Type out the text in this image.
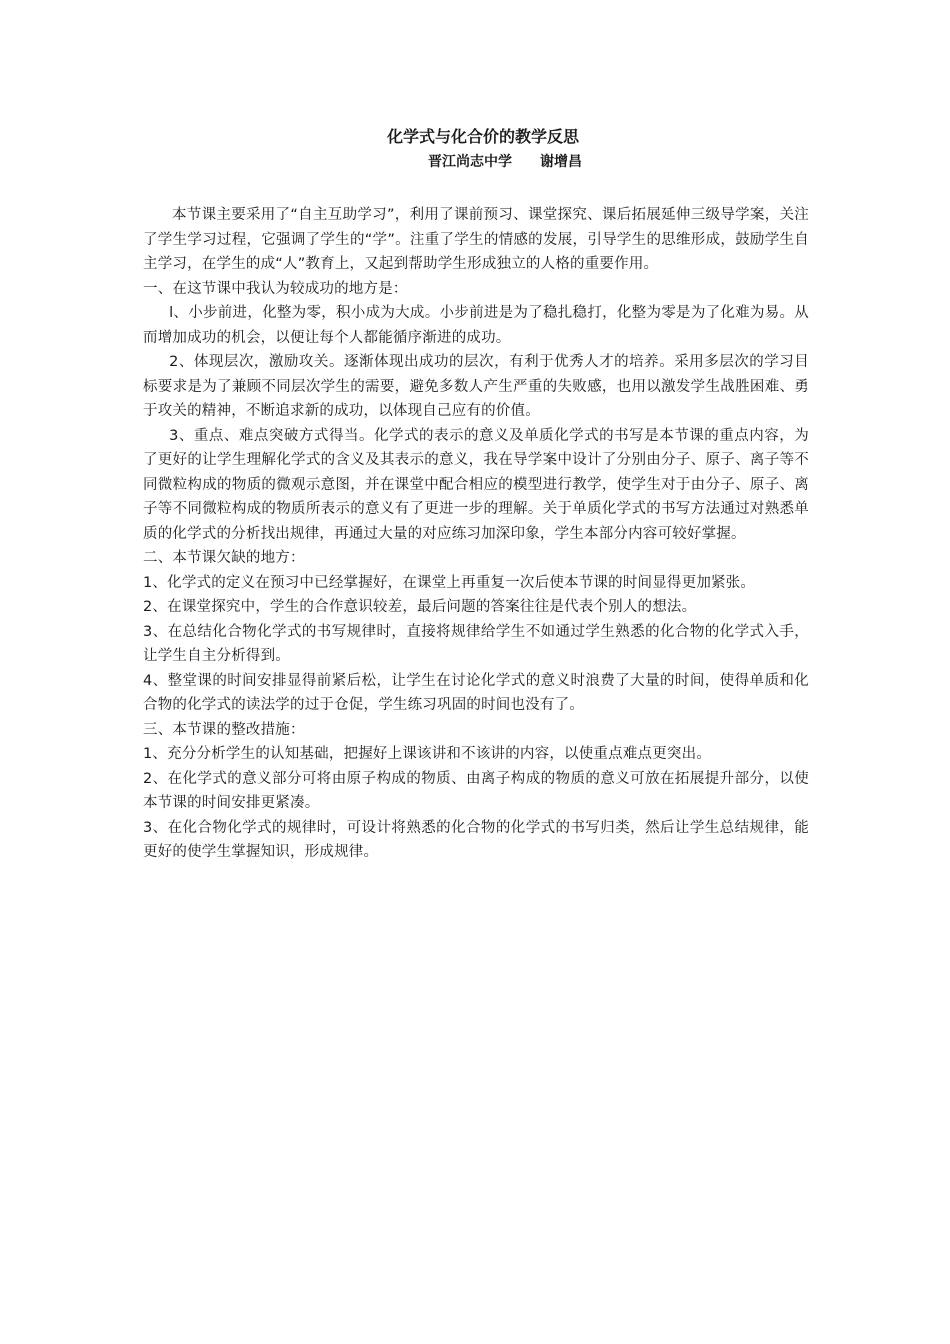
化学式与化合价的教学反思
晋江尚志中学 谢增昌

本节课主要采用了“自主互助学习”，利用了课前预习、课堂探究、课后拓展延伸三级导学案，关注了学生学习过程，它强调了学生的“学”。注重了学生的情感的发展，引导学生的思维形成，鼓励学生自主学习，在学生的成“人”教育上，又起到帮助学生形成独立的人格的重要作用。

一、在这节课中我认为较成功的地方是：

l、小步前进，化整为零，积小成为大成。小步前进是为了稳扎稳打，化整为零是为了化难为易。从而增加成功的机会，以便让每个人都能循序渐进的成功。

2、体现层次，激励攻关。逐渐体现出成功的层次，有利于优秀人才的培养。采用多层次的学习目标要求是为了兼顾不同层次学生的需要，避免多数人产生严重的失败感，也用以激发学生战胜困难、勇于攻关的精神，不断追求新的成功，以体现自己应有的价值。

3、重点、难点突破方式得当。化学式的表示的意义及单质化学式的书写是本节课的重点内容，为了更好的让学生理解化学式的含义及其表示的意义，我在导学案中设计了分别由分子、原子、离子等不同微粒构成的物质的微观示意图，并在课堂中配合相应的模型进行教学，使学生对于由分子、原子、离子等不同微粒构成的物质所表示的意义有了更进一步的理解。关于单质化学式的书写方法通过对熟悉单质的化学式的分析找出规律，再通过大量的对应练习加深印象，学生本部分内容可较好掌握。

二、本节课欠缺的地方：

1、化学式的定义在预习中已经掌握好，在课堂上再重复一次后使本节课的时间显得更加紧张。

2、在课堂探究中，学生的合作意识较差，最后问题的答案往往是代表个别人的想法。

3、在总结化合物化学式的书写规律时，直接将规律给学生不如通过学生熟悉的化合物的化学式入手，让学生自主分析得到。

4、整堂课的时间安排显得前紧后松，让学生在讨论化学式的意义时浪费了大量的时间，使得单质和化合物的化学式的读法学的过于仓促，学生练习巩固的时间也没有了。

三、本节课的整改措施：

1、充分分析学生的认知基础，把握好上课该讲和不该讲的内容，以使重点难点更突出。

2、在化学式的意义部分可将由原子构成的物质、由离子构成的物质的意义可放在拓展提升部分，以使本节课的时间安排更紧凑。

3、在化合物化学式的规律时，可设计将熟悉的化合物的化学式的书写归类，然后让学生总结规律，能更好的使学生掌握知识，形成规律。
